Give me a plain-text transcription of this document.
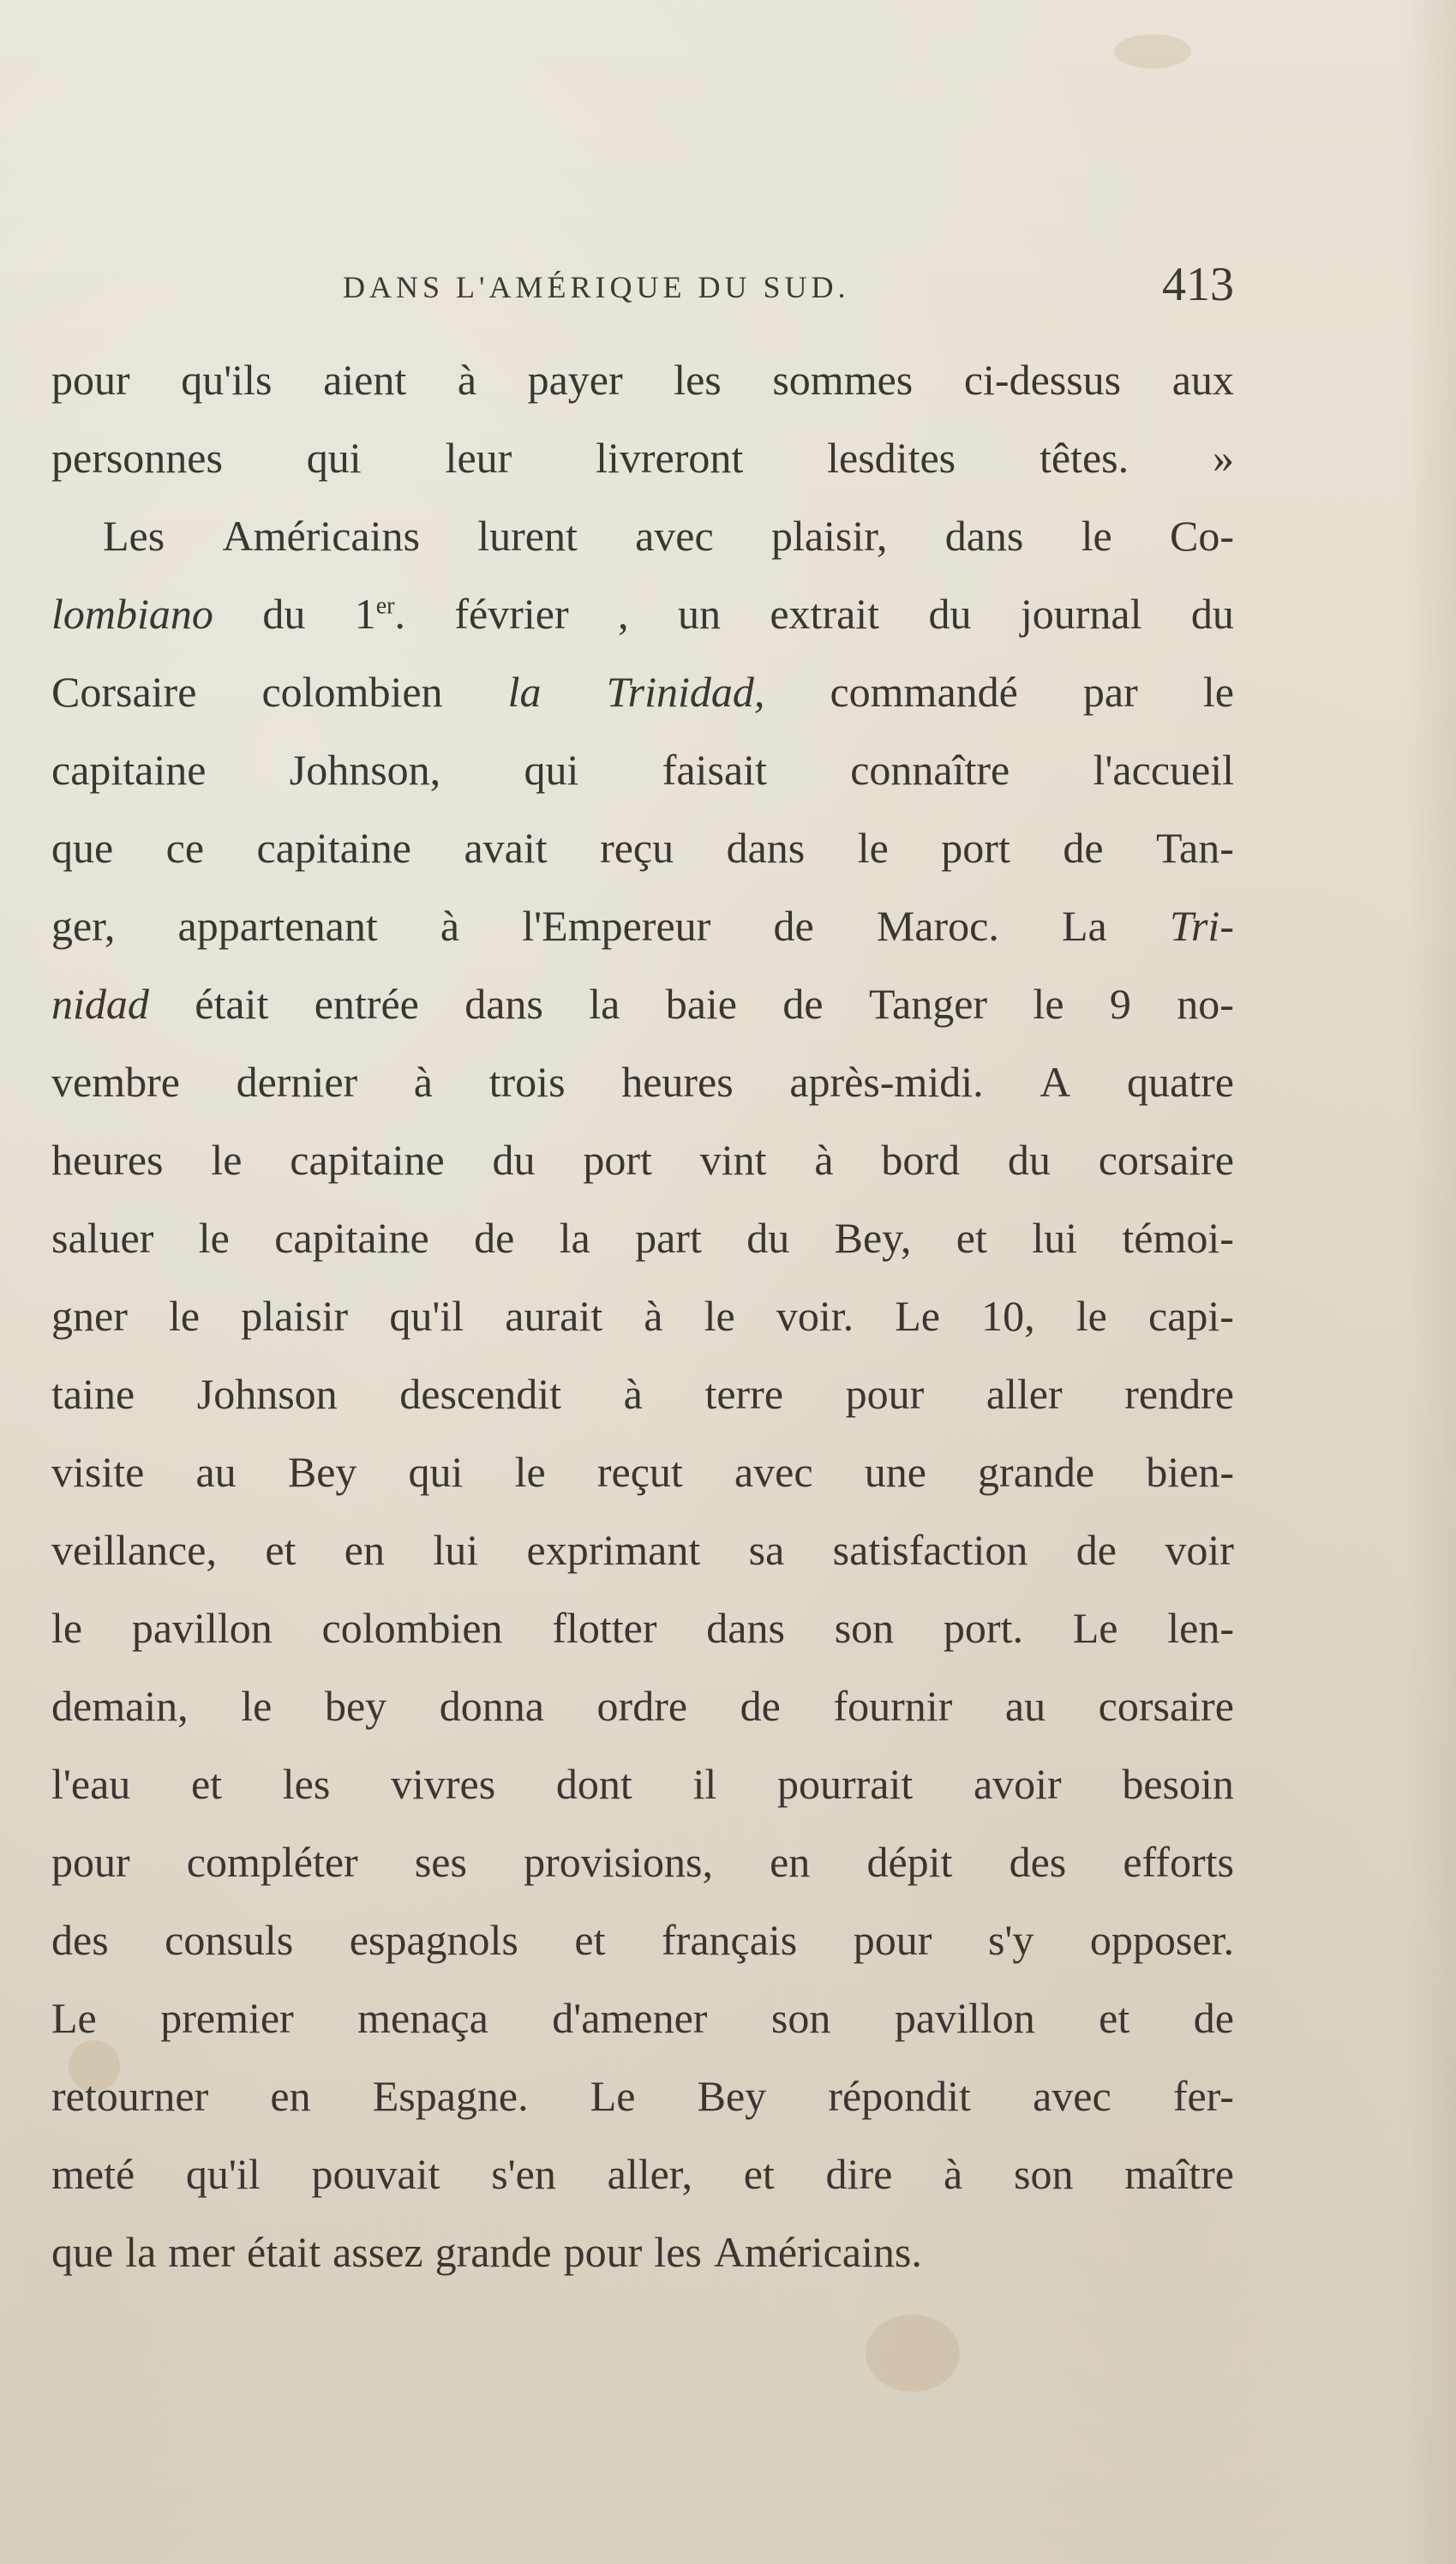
DANS L'AMÉRIQUE DU SUD.	413
pour qu'ils aient à payer les sommes ci-dessus aux
personnes qui leur livreront lesdites têtes. »
Les Américains lurent avec plaisir, dans le Co-
lombiano du 1er. février , un extrait du journal du
Corsaire colombien la Trinidad, commandé par le
capitaine Johnson, qui faisait connaître l'accueil
que ce capitaine avait reçu dans le port de Tan-
ger, appartenant à l'Empereur de Maroc. La Tri-
nidad était entrée dans la baie de Tanger le 9 no-
vembre dernier à trois heures après-midi. A quatre
heures le capitaine du port vint à bord du corsaire
saluer le capitaine de la part du Bey, et lui témoi-
gner le plaisir qu'il aurait à le voir. Le 10, le capi-
taine Johnson descendit à terre pour aller rendre
visite au Bey qui le reçut avec une grande bien-
veillance, et en lui exprimant sa satisfaction de voir
le pavillon colombien flotter dans son port. Le len-
demain, le bey donna ordre de fournir au corsaire
l'eau et les vivres dont il pourrait avoir besoin
pour compléter ses provisions, en dépit des efforts
des consuls espagnols et français pour s'y opposer.
Le premier menaça d'amener son pavillon et de
retourner en Espagne. Le Bey répondit avec fer-
meté qu'il pouvait s'en aller, et dire à son maître
que la mer était assez grande pour les Américains.
